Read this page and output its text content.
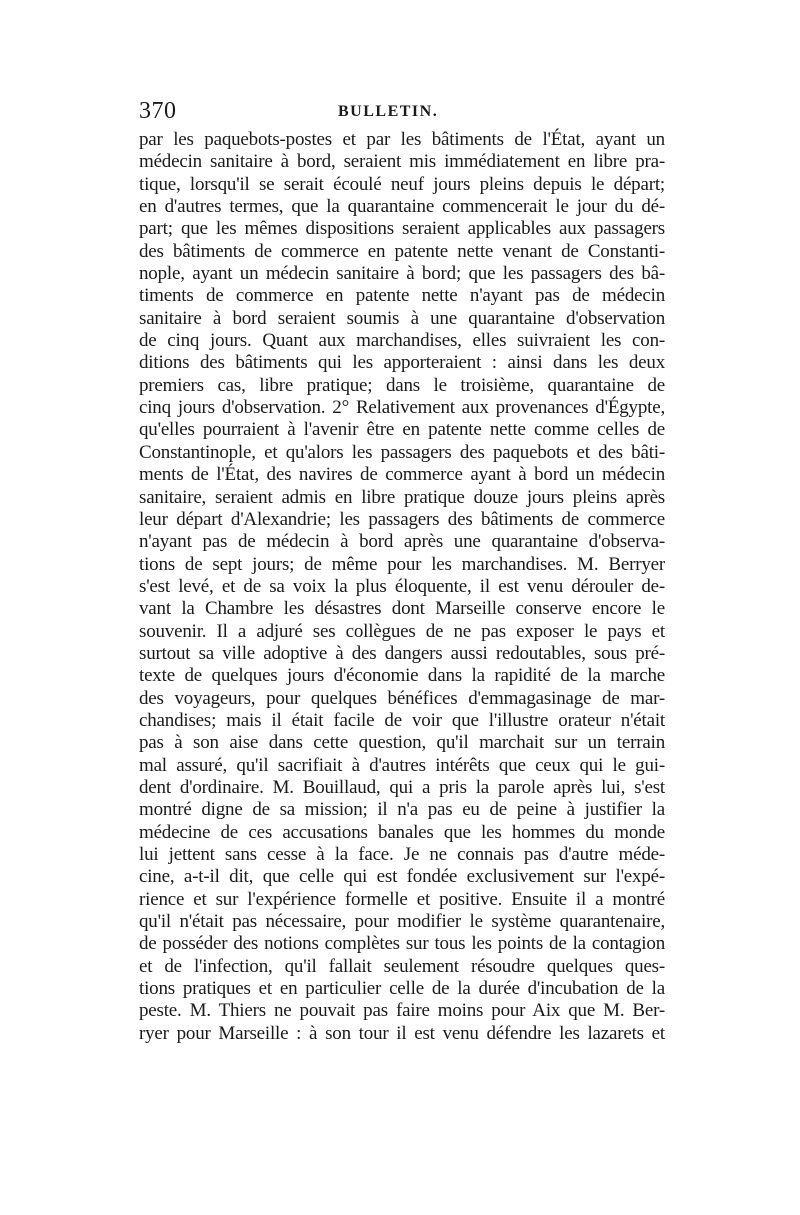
370	BULLETIN.
par les paquebots-postes et par les bâtiments de l'État, ayant un
médecin sanitaire à bord, seraient mis immédiatement en libre pra-
tique, lorsqu'il se serait écoulé neuf jours pleins depuis le départ;
en d'autres termes, que la quarantaine commencerait le jour du dé-
part; que les mêmes dispositions seraient applicables aux passagers
des bâtiments de commerce en patente nette venant de Constanti-
nople, ayant un médecin sanitaire à bord; que les passagers des bâ-
timents de commerce en patente nette n'ayant pas de médecin
sanitaire à bord seraient soumis à une quarantaine d'observation
de cinq jours. Quant aux marchandises, elles suivraient les con-
ditions des bâtiments qui les apporteraient : ainsi dans les deux
premiers cas, libre pratique; dans le troisième, quarantaine de
cinq jours d'observation. 2° Relativement aux provenances d'Égypte,
qu'elles pourraient à l'avenir être en patente nette comme celles de
Constantinople, et qu'alors les passagers des paquebots et des bâti-
ments de l'État, des navires de commerce ayant à bord un médecin
sanitaire, seraient admis en libre pratique douze jours pleins après
leur départ d'Alexandrie; les passagers des bâtiments de commerce
n'ayant pas de médecin à bord après une quarantaine d'observa-
tions de sept jours; de même pour les marchandises. M. Berryer
s'est levé, et de sa voix la plus éloquente, il est venu dérouler de-
vant la Chambre les désastres dont Marseille conserve encore le
souvenir. Il a adjuré ses collègues de ne pas exposer le pays et
surtout sa ville adoptive à des dangers aussi redoutables, sous pré-
texte de quelques jours d'économie dans la rapidité de la marche
des voyageurs, pour quelques bénéfices d'emmagasinage de mar-
chandises; mais il était facile de voir que l'illustre orateur n'était
pas à son aise dans cette question, qu'il marchait sur un terrain
mal assuré, qu'il sacrifiait à d'autres intérêts que ceux qui le gui-
dent d'ordinaire. M. Bouillaud, qui a pris la parole après lui, s'est
montré digne de sa mission; il n'a pas eu de peine à justifier la
médecine de ces accusations banales que les hommes du monde
lui jettent sans cesse à la face. Je ne connais pas d'autre méde-
cine, a-t-il dit, que celle qui est fondée exclusivement sur l'expé-
rience et sur l'expérience formelle et positive. Ensuite il a montré
qu'il n'était pas nécessaire, pour modifier le système quarantenaire,
de posséder des notions complètes sur tous les points de la contagion
et de l'infection, qu'il fallait seulement résoudre quelques ques-
tions pratiques et en particulier celle de la durée d'incubation de la
peste. M. Thiers ne pouvait pas faire moins pour Aix que M. Ber-
ryer pour Marseille : à son tour il est venu défendre les lazarets et
